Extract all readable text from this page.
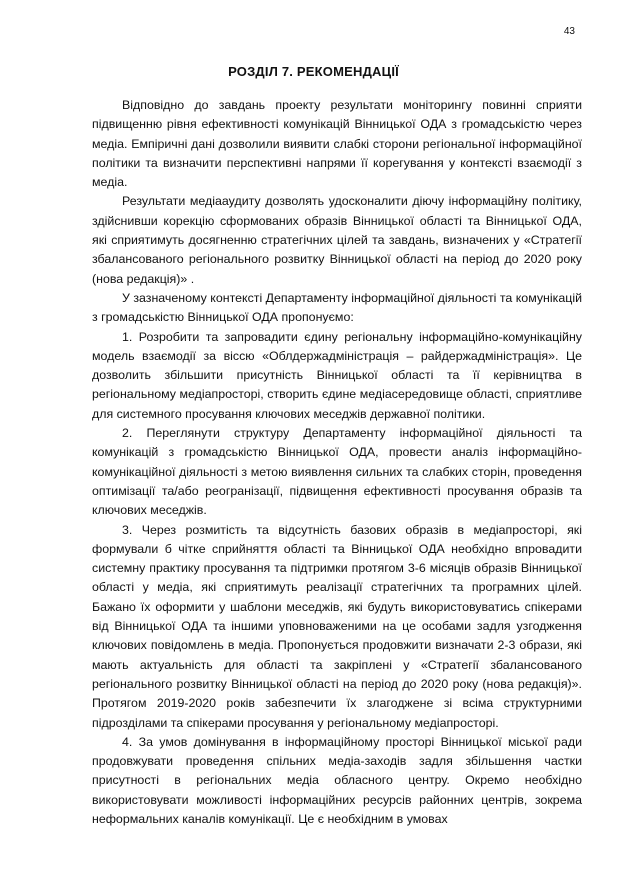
43
РОЗДІЛ 7. РЕКОМЕНДАЦІЇ

Відповідно до завдань проекту результати моніторингу повинні сприяти підвищенню рівня ефективності комунікацій Вінницької ОДА з громадськістю через медіа. Емпіричні дані дозволили виявити слабкі сторони регіональної інформаційної політики та визначити перспективні напрями її корегування у контексті взаємодії з медіа.

Результати медіааудиту дозволять удосконалити діючу інформаційну політику, здійснивши корекцію сформованих образів Вінницької області та Вінницької ОДА, які сприятимуть досягненню стратегічних цілей та завдань, визначених у «Стратегії збалансованого регіонального розвитку Вінницької області на період до 2020 року (нова редакція)» .

У зазначеному контексті Департаменту інформаційної діяльності та комунікацій з громадськістю Вінницької ОДА пропонуємо:

1. Розробити та запровадити єдину регіональну інформаційно-комунікаційну модель взаємодії за віссю «Облдержадміністрація – райдержадміністрація». Це дозволить збільшити присутність Вінницької області та її керівництва в регіональному медіапросторі, створить єдине медіасередовище області, сприятливе для системного просування ключових меседжів державної політики.

2. Переглянути структуру Департаменту інформаційної діяльності та комунікацій з громадськістю Вінницької ОДА, провести аналіз інформаційно-комунікаційної діяльності з метою виявлення сильних та слабких сторін, проведення оптимізації та/або реогранізації, підвищення ефективності просування образів та ключових меседжів.

3. Через розмитість та відсутність базових образів в медіапросторі, які формували б чітке сприйняття області та Вінницької ОДА необхідно впровадити системну практику просування та підтримки протягом 3-6 місяців образів Вінницької області у медіа, які сприятимуть реалізації стратегічних та програмних цілей. Бажано їх оформити у шаблони меседжів, які будуть використовуватись спікерами від Вінницької ОДА та іншими уповноваженими на це особами задля узгодження ключових повідомлень в медіа. Пропонується продовжити визначати 2-3 образи, які мають актуальність для області та закріплені у «Стратегії збалансованого регіонального розвитку Вінницької області на період до 2020 року (нова редакція)». Протягом 2019-2020 років забезпечити їх злагоджене зі всіма структурними підрозділами та спікерами просування у регіональному медіапросторі.

4. За умов домінування в інформаційному просторі Вінницької міської ради продовжувати проведення спільних медіа-заходів задля збільшення частки присутності в регіональних медіа обласного центру. Окремо необхідно використовувати можливості інформаційних ресурсів районних центрів, зокрема неформальних каналів комунікації. Це є необхідним в умовах
